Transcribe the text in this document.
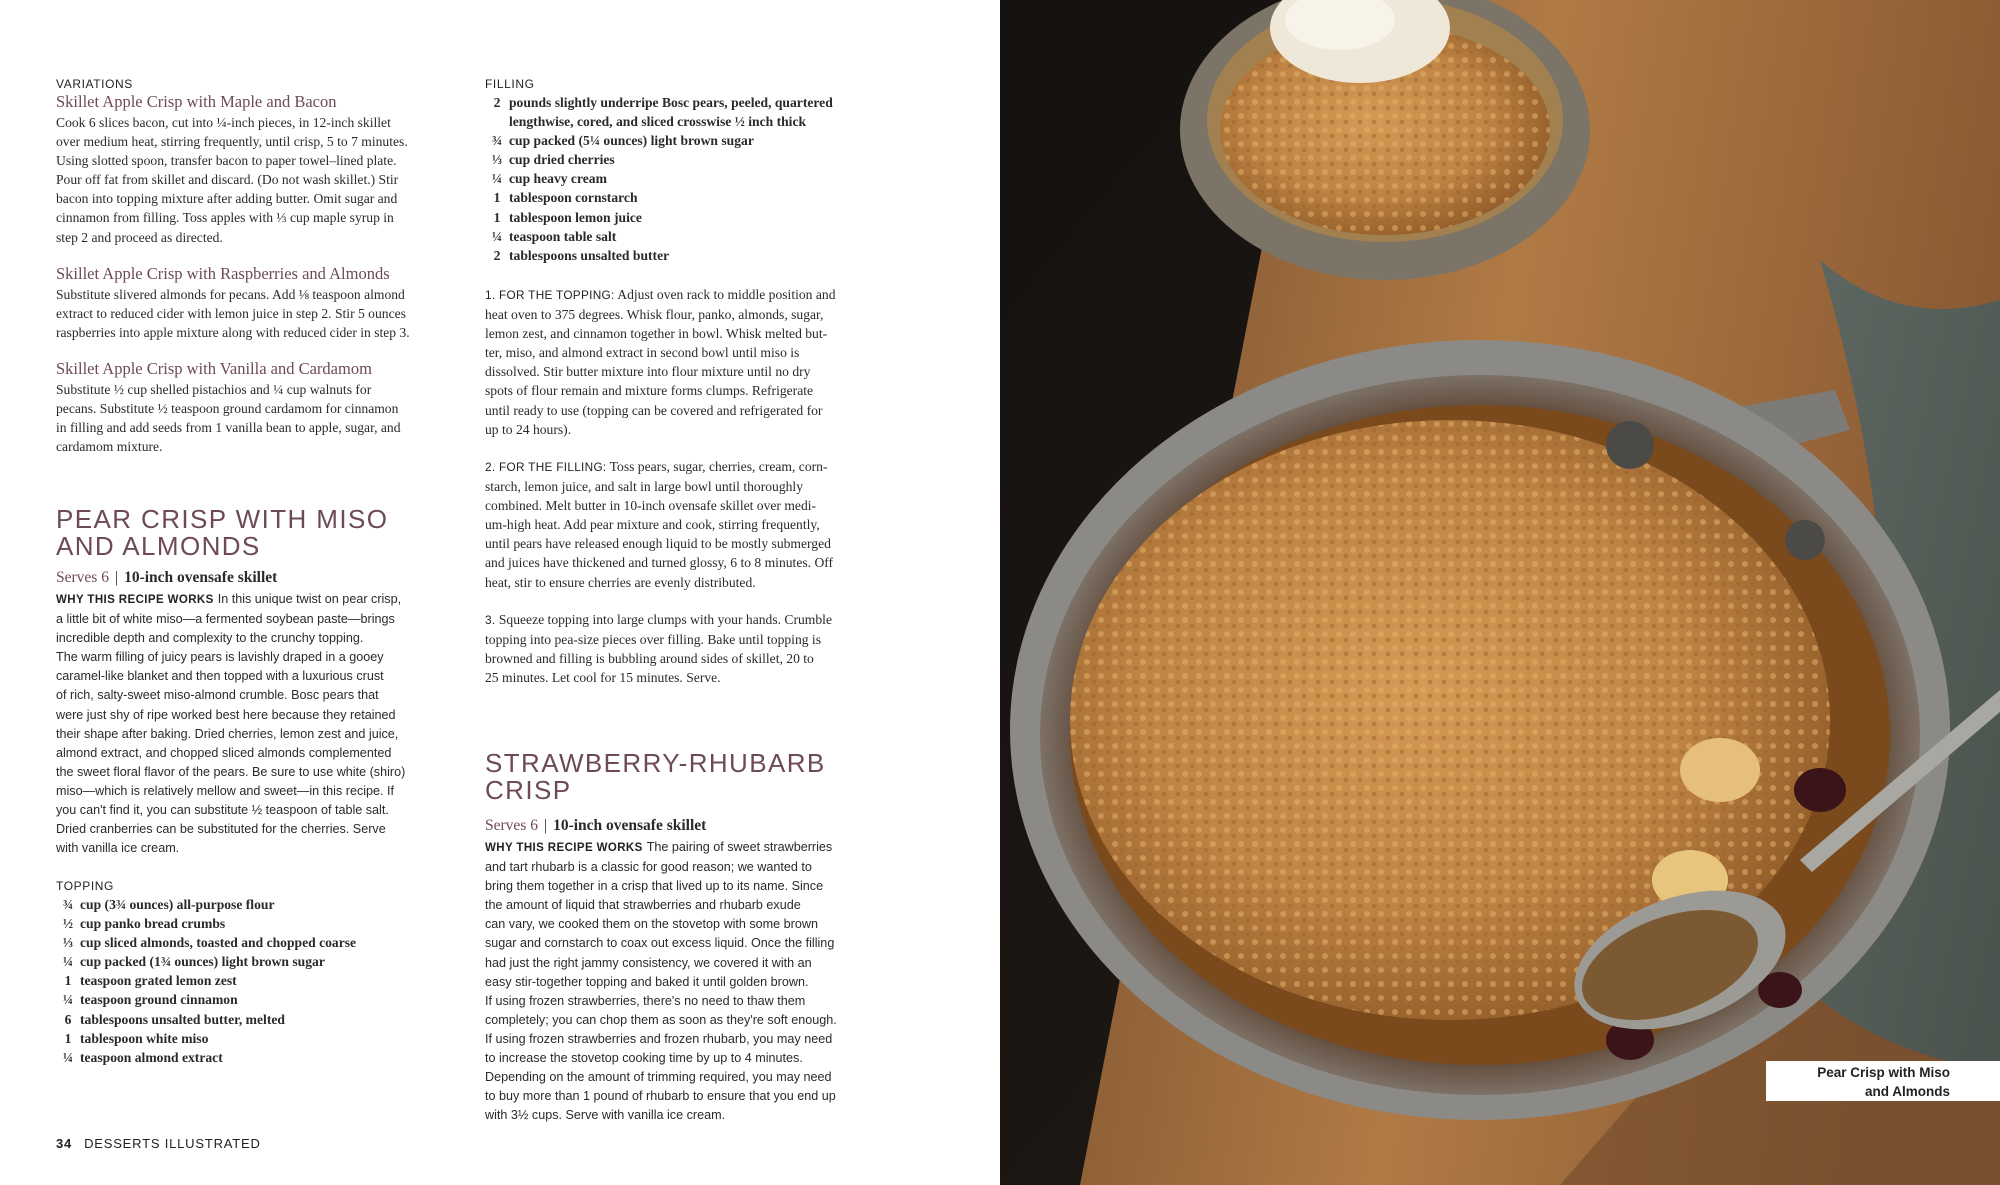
VARIATIONS
Skillet Apple Crisp with Maple and Bacon
Cook 6 slices bacon, cut into ¼-inch pieces, in 12-inch skillet
over medium heat, stirring frequently, until crisp, 5 to 7 minutes.
Using slotted spoon, transfer bacon to paper towel–lined plate.
Pour off fat from skillet and discard. (Do not wash skillet.) Stir
bacon into topping mixture after adding butter. Omit sugar and
cinnamon from filling. Toss apples with ⅓ cup maple syrup in
step 2 and proceed as directed.
Skillet Apple Crisp with Raspberries and Almonds
Substitute slivered almonds for pecans. Add ⅛ teaspoon almond
extract to reduced cider with lemon juice in step 2. Stir 5 ounces
raspberries into apple mixture along with reduced cider in step 3.
Skillet Apple Crisp with Vanilla and Cardamom
Substitute ½ cup shelled pistachios and ¼ cup walnuts for
pecans. Substitute ½ teaspoon ground cardamom for cinnamon
in filling and add seeds from 1 vanilla bean to apple, sugar, and
cardamom mixture.
PEAR CRISP WITH MISO
AND ALMONDS
Serves 6 | 10-inch ovensafe skillet
WHY THIS RECIPE WORKS In this unique twist on pear crisp,
a little bit of white miso—a fermented soybean paste—brings
incredible depth and complexity to the crunchy topping.
The warm filling of juicy pears is lavishly draped in a gooey
caramel-like blanket and then topped with a luxurious crust
of rich, salty-sweet miso-almond crumble. Bosc pears that
were just shy of ripe worked best here because they retained
their shape after baking. Dried cherries, lemon zest and juice,
almond extract, and chopped sliced almonds complemented
the sweet floral flavor of the pears. Be sure to use white (shiro)
miso—which is relatively mellow and sweet—in this recipe. If
you can't find it, you can substitute ½ teaspoon of table salt.
Dried cranberries can be substituted for the cherries. Serve
with vanilla ice cream.
TOPPING
¾ cup (3¾ ounces) all-purpose flour
½ cup panko bread crumbs
⅓ cup sliced almonds, toasted and chopped coarse
¼ cup packed (1¾ ounces) light brown sugar
1 teaspoon grated lemon zest
¼ teaspoon ground cinnamon
6 tablespoons unsalted butter, melted
1 tablespoon white miso
¼ teaspoon almond extract
FILLING
2 pounds slightly underripe Bosc pears, peeled, quartered lengthwise, cored, and sliced crosswise ½ inch thick
¾ cup packed (5¼ ounces) light brown sugar
⅓ cup dried cherries
¼ cup heavy cream
1 tablespoon cornstarch
1 tablespoon lemon juice
¼ teaspoon table salt
2 tablespoons unsalted butter
1. FOR THE TOPPING: Adjust oven rack to middle position and
heat oven to 375 degrees. Whisk flour, panko, almonds, sugar,
lemon zest, and cinnamon together in bowl. Whisk melted but-
ter, miso, and almond extract in second bowl until miso is
dissolved. Stir butter mixture into flour mixture until no dry
spots of flour remain and mixture forms clumps. Refrigerate
until ready to use (topping can be covered and refrigerated for
up to 24 hours).
2. FOR THE FILLING: Toss pears, sugar, cherries, cream, corn-
starch, lemon juice, and salt in large bowl until thoroughly
combined. Melt butter in 10-inch ovensafe skillet over medi-
um-high heat. Add pear mixture and cook, stirring frequently,
until pears have released enough liquid to be mostly submerged
and juices have thickened and turned glossy, 6 to 8 minutes. Off
heat, stir to ensure cherries are evenly distributed.
3. Squeeze topping into large clumps with your hands. Crumble
topping into pea-size pieces over filling. Bake until topping is
browned and filling is bubbling around sides of skillet, 20 to
25 minutes. Let cool for 15 minutes. Serve.
STRAWBERRY-RHUBARB
CRISP
Serves 6 | 10-inch ovensafe skillet
WHY THIS RECIPE WORKS The pairing of sweet strawberries
and tart rhubarb is a classic for good reason; we wanted to
bring them together in a crisp that lived up to its name. Since
the amount of liquid that strawberries and rhubarb exude
can vary, we cooked them on the stovetop with some brown
sugar and cornstarch to coax out excess liquid. Once the filling
had just the right jammy consistency, we covered it with an
easy stir-together topping and baked it until golden brown.
If using frozen strawberries, there's no need to thaw them
completely; you can chop them as soon as they're soft enough.
If using frozen strawberries and frozen rhubarb, you may need
to increase the stovetop cooking time by up to 4 minutes.
Depending on the amount of trimming required, you may need
to buy more than 1 pound of rhubarb to ensure that you end up
with 3½ cups. Serve with vanilla ice cream.
34 DESSERTS ILLUSTRATED
Pear Crisp with Miso
and Almonds
